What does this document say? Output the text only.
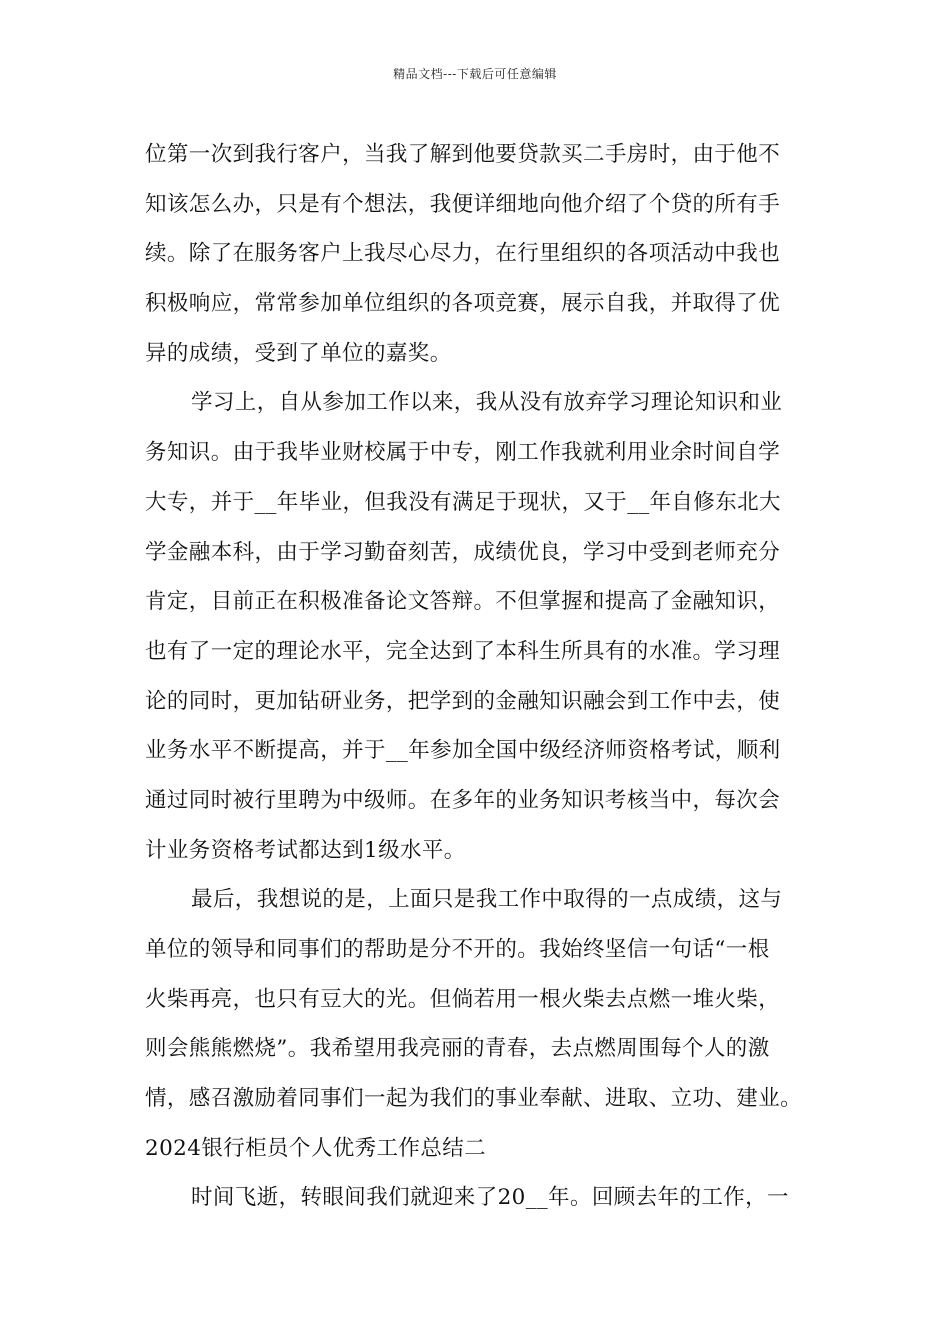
精品文档---下载后可任意编辑
位第一次到我行客户，当我了解到他要贷款买二手房时，由于他不
知该怎么办，只是有个想法，我便详细地向他介绍了个贷的所有手
续。除了在服务客户上我尽心尽力，在行里组织的各项活动中我也
积极响应，常常参加单位组织的各项竞赛，展示自我，并取得了优
异的成绩，受到了单位的嘉奖。
学习上，自从参加工作以来，我从没有放弃学习理论知识和业
务知识。由于我毕业财校属于中专，刚工作我就利用业余时间自学
大专，并于__年毕业，但我没有满足于现状，又于__年自修东北大
学金融本科，由于学习勤奋刻苦，成绩优良，学习中受到老师充分
肯定，目前正在积极准备论文答辩。不但掌握和提高了金融知识，
也有了一定的理论水平，完全达到了本科生所具有的水准。学习理
论的同时，更加钻研业务，把学到的金融知识融会到工作中去，使
业务水平不断提高，并于__年参加全国中级经济师资格考试，顺利
通过同时被行里聘为中级师。在多年的业务知识考核当中，每次会
计业务资格考试都达到1级水平。
最后，我想说的是，上面只是我工作中取得的一点成绩，这与
单位的领导和同事们的帮助是分不开的。我始终坚信一句话“一根
火柴再亮，也只有豆大的光。但倘若用一根火柴去点燃一堆火柴，
则会熊熊燃烧”。我希望用我亮丽的青春，去点燃周围每个人的激
情，感召激励着同事们一起为我们的事业奉献、进取、立功、建业。
2024银行柜员个人优秀工作总结二
时间飞逝，转眼间我们就迎来了20__年。回顾去年的工作，一
